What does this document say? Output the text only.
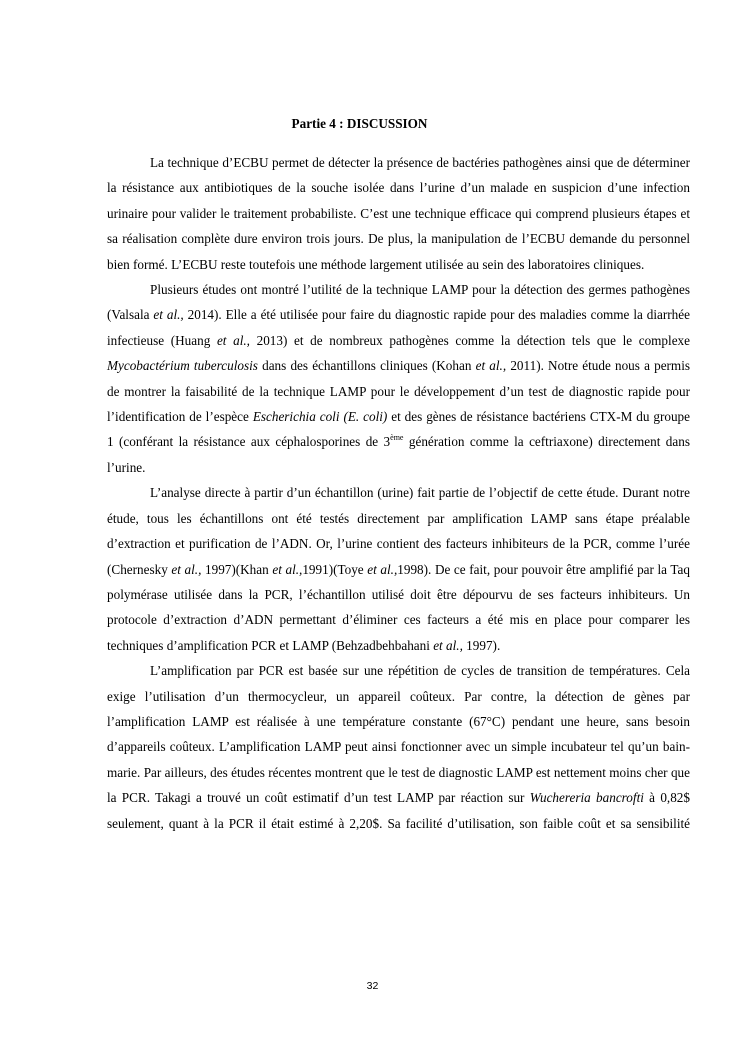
Partie 4 : DISCUSSION

La technique d’ECBU permet de détecter la présence de bactéries pathogènes ainsi que de déterminer la résistance aux antibiotiques de la souche isolée dans l’urine d’un malade en suspicion d’une infection urinaire pour valider le traitement probabiliste. C’est une technique efficace qui comprend plusieurs étapes et sa réalisation complète dure environ trois jours. De plus, la manipulation de l’ECBU demande du personnel bien formé. L’ECBU reste toutefois une méthode largement utilisée au sein des laboratoires cliniques.

Plusieurs études ont montré l’utilité de la technique LAMP pour la détection des germes pathogènes (Valsala et al., 2014). Elle a été utilisée pour faire du diagnostic rapide pour des maladies comme la diarrhée infectieuse (Huang et al., 2013) et de nombreux pathogènes comme la détection tels que le complexe Mycobactérium tuberculosis dans des échantillons cliniques (Kohan et al., 2011). Notre étude nous a permis de montrer la faisabilité de la technique LAMP pour le développement d’un test de diagnostic rapide pour l’identification de l’espèce Escherichia coli (E. coli) et des gènes de résistance bactériens CTX-M du groupe 1 (conférant la résistance aux céphalosporines de 3ème génération comme la ceftriaxone) directement dans l’urine.

L’analyse directe à partir d’un échantillon (urine) fait partie de l’objectif de cette étude. Durant notre étude, tous les échantillons ont été testés directement par amplification LAMP sans étape préalable d’extraction et purification de l’ADN. Or, l’urine contient des facteurs inhibiteurs de la PCR, comme l’urée (Chernesky et al., 1997)(Khan et al.,1991)(Toye et al.,1998). De ce fait, pour pouvoir être amplifié par la Taq polymérase utilisée dans la PCR, l’échantillon utilisé doit être dépourvu de ses facteurs inhibiteurs. Un protocole d’extraction d’ADN permettant d’éliminer ces facteurs a été mis en place pour comparer les techniques d’amplification PCR et LAMP (Behzadbehbahani et al., 1997).

L’amplification par PCR est basée sur une répétition de cycles de transition de températures. Cela exige l’utilisation d’un thermocycleur, un appareil coûteux. Par contre, la détection de gènes par l’amplification LAMP est réalisée à une température constante (67°C) pendant une heure, sans besoin d’appareils coûteux. L’amplification LAMP peut ainsi fonctionner avec un simple incubateur tel qu’un bain-marie. Par ailleurs, des études récentes montrent que le test de diagnostic LAMP est nettement moins cher que la PCR. Takagi a trouvé un coût estimatif d’un test LAMP par réaction sur Wuchereria bancrofti à 0,82$ seulement, quant à la PCR il était estimé à 2,20$. Sa facilité d’utilisation, son faible coût et sa sensibilité

32
